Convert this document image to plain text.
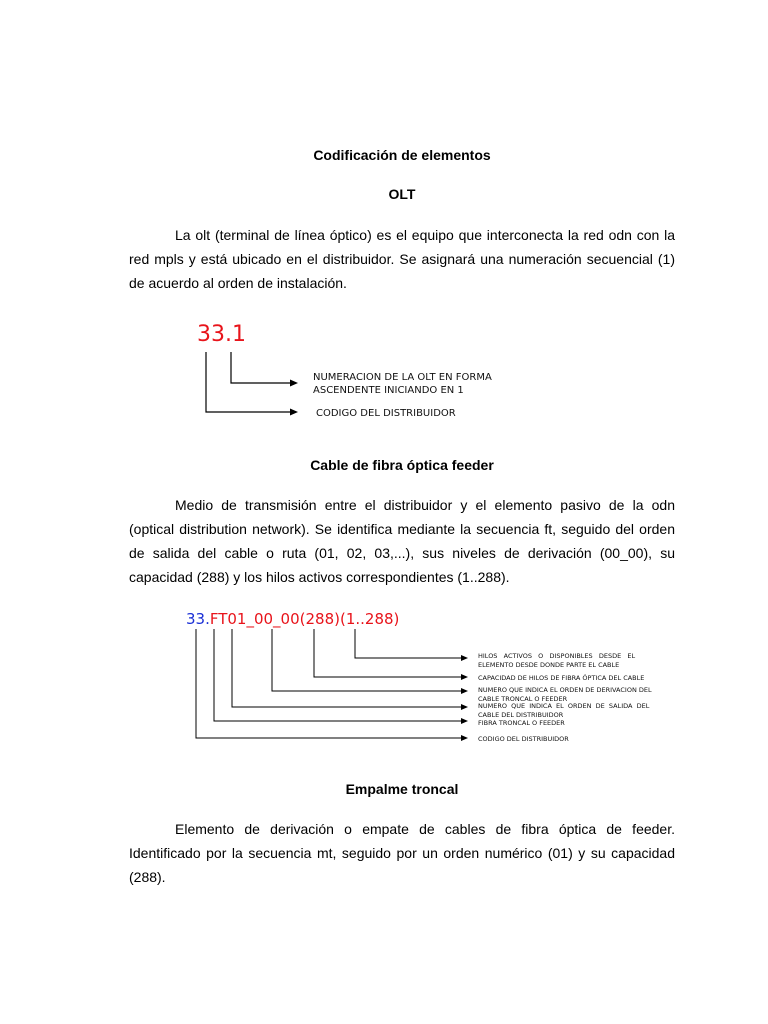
Codificación de elementos
OLT
La olt (terminal de línea óptico) es el equipo que interconecta la red odn con la
red mpls y está ubicado en el distribuidor. Se asignará una numeración secuencial (1)
de acuerdo al orden de instalación.
33.1
NUMERACION DE LA OLT EN FORMA
ASCENDENTE INICIANDO EN 1
CODIGO DEL DISTRIBUIDOR
Cable de fibra óptica feeder
Medio de transmisión entre el distribuidor y el elemento pasivo de la odn
(optical distribution network). Se identifica mediante la secuencia ft, seguido del orden
de salida del cable o ruta (01, 02, 03,...), sus niveles de derivación (00_00), su
capacidad (288) y los hilos activos correspondientes (1..288).
33.FT01_00_00(288)(1..288)
HILOS   ACTIVOS   O   DISPONIBLES   DESDE   EL
ELEMENTO DESDE DONDE PARTE EL CABLE
CAPACIDAD DE HILOS DE FIBRA ÓPTICA DEL CABLE
NUMERO QUE INDICA EL ORDEN DE DERIVACION DEL
CABLE TRONCAL O FEEDER
NUMERO  QUE  INDICA  EL  ORDEN  DE  SALIDA  DEL
CABLE DEL DISTRIBUIDOR
FIBRA TRONCAL O FEEDER
CODIGO DEL DISTRIBUIDOR
Empalme troncal
Elemento de derivación o empate de cables de fibra óptica de feeder.
Identificado por la secuencia mt, seguido por un orden numérico (01) y su capacidad
(288).
